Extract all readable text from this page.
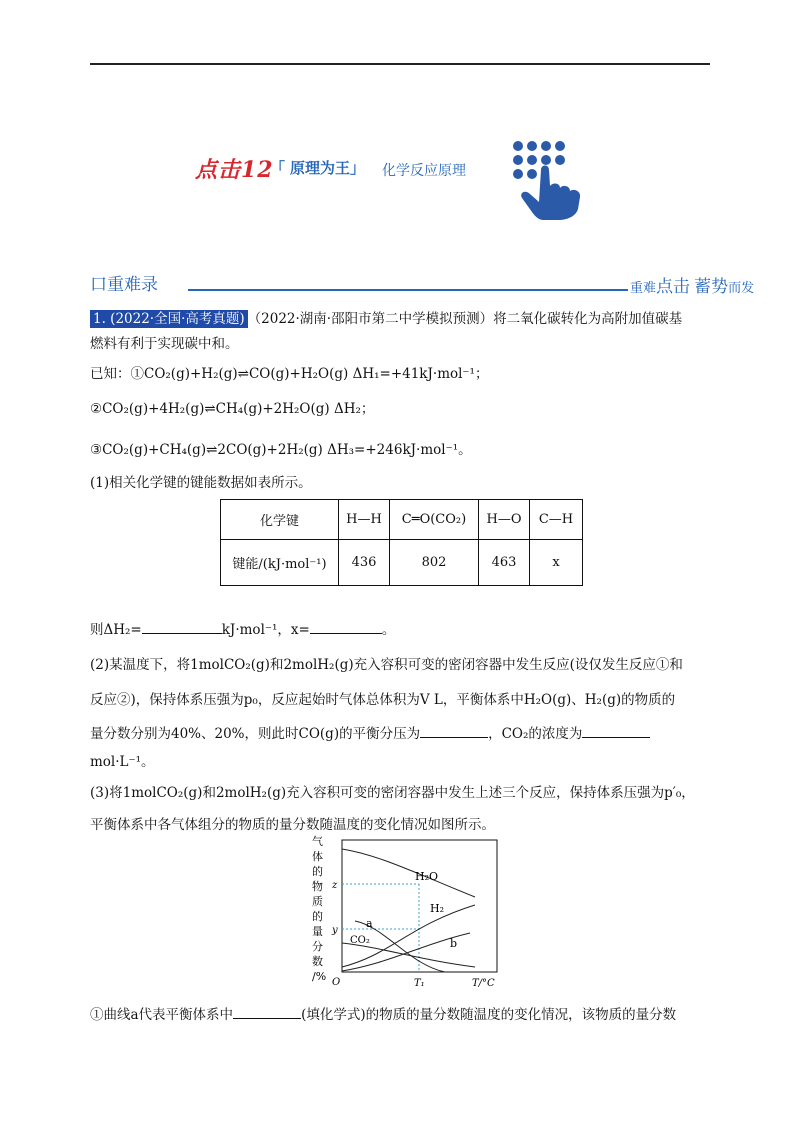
点击12
「 原理为王 」 化学反应原理
口重难录	重难点击 蓄势而发
1. (2022·全国·高考真题) （2022·湖南·邵阳市第二中学模拟预测）将二氧化碳转化为高附加值碳基
燃料有利于实现碳中和。
已知：①CO₂(g)+H₂(g)⇌CO(g)+H₂O(g) ΔH₁=+41kJ·mol⁻¹；
②CO₂(g)+4H₂(g)⇌CH₄(g)+2H₂O(g) ΔH₂；
③CO₂(g)+CH₄(g)⇌2CO(g)+2H₂(g) ΔH₃=+246kJ·mol⁻¹。
(1)相关化学键的键能数据如表所示。
化学键	H—H	C═O(CO₂)	H—O	C—H
键能/(kJ·mol⁻¹)	436	802	463	x
则ΔH₂=	kJ·mol⁻¹，x=	。
(2)某温度下，将1molCO₂(g)和2molH₂(g)充入容积可变的密闭容器中发生反应(设仅发生反应①和
反应②)，保持体系压强为p₀，反应起始时气体总体积为V L，平衡体系中H₂O(g)、H₂(g)的物质的
量分数分别为40%、20%，则此时CO(g)的平衡分压为	，CO₂的浓度为
mol·L⁻¹。
(3)将1molCO₂(g)和2molH₂(g)充入容积可变的密闭容器中发生上述三个反应，保持体系压强为p′₀，
平衡体系中各气体组分的物质的量分数随温度的变化情况如图所示。
气体的物质的量分数/%
H₂O
H₂
a
CO₂	b
z
y
O	T₁	T/°C
①曲线a代表平衡体系中	(填化学式)的物质的量分数随温度的变化情况，该物质的量分数
